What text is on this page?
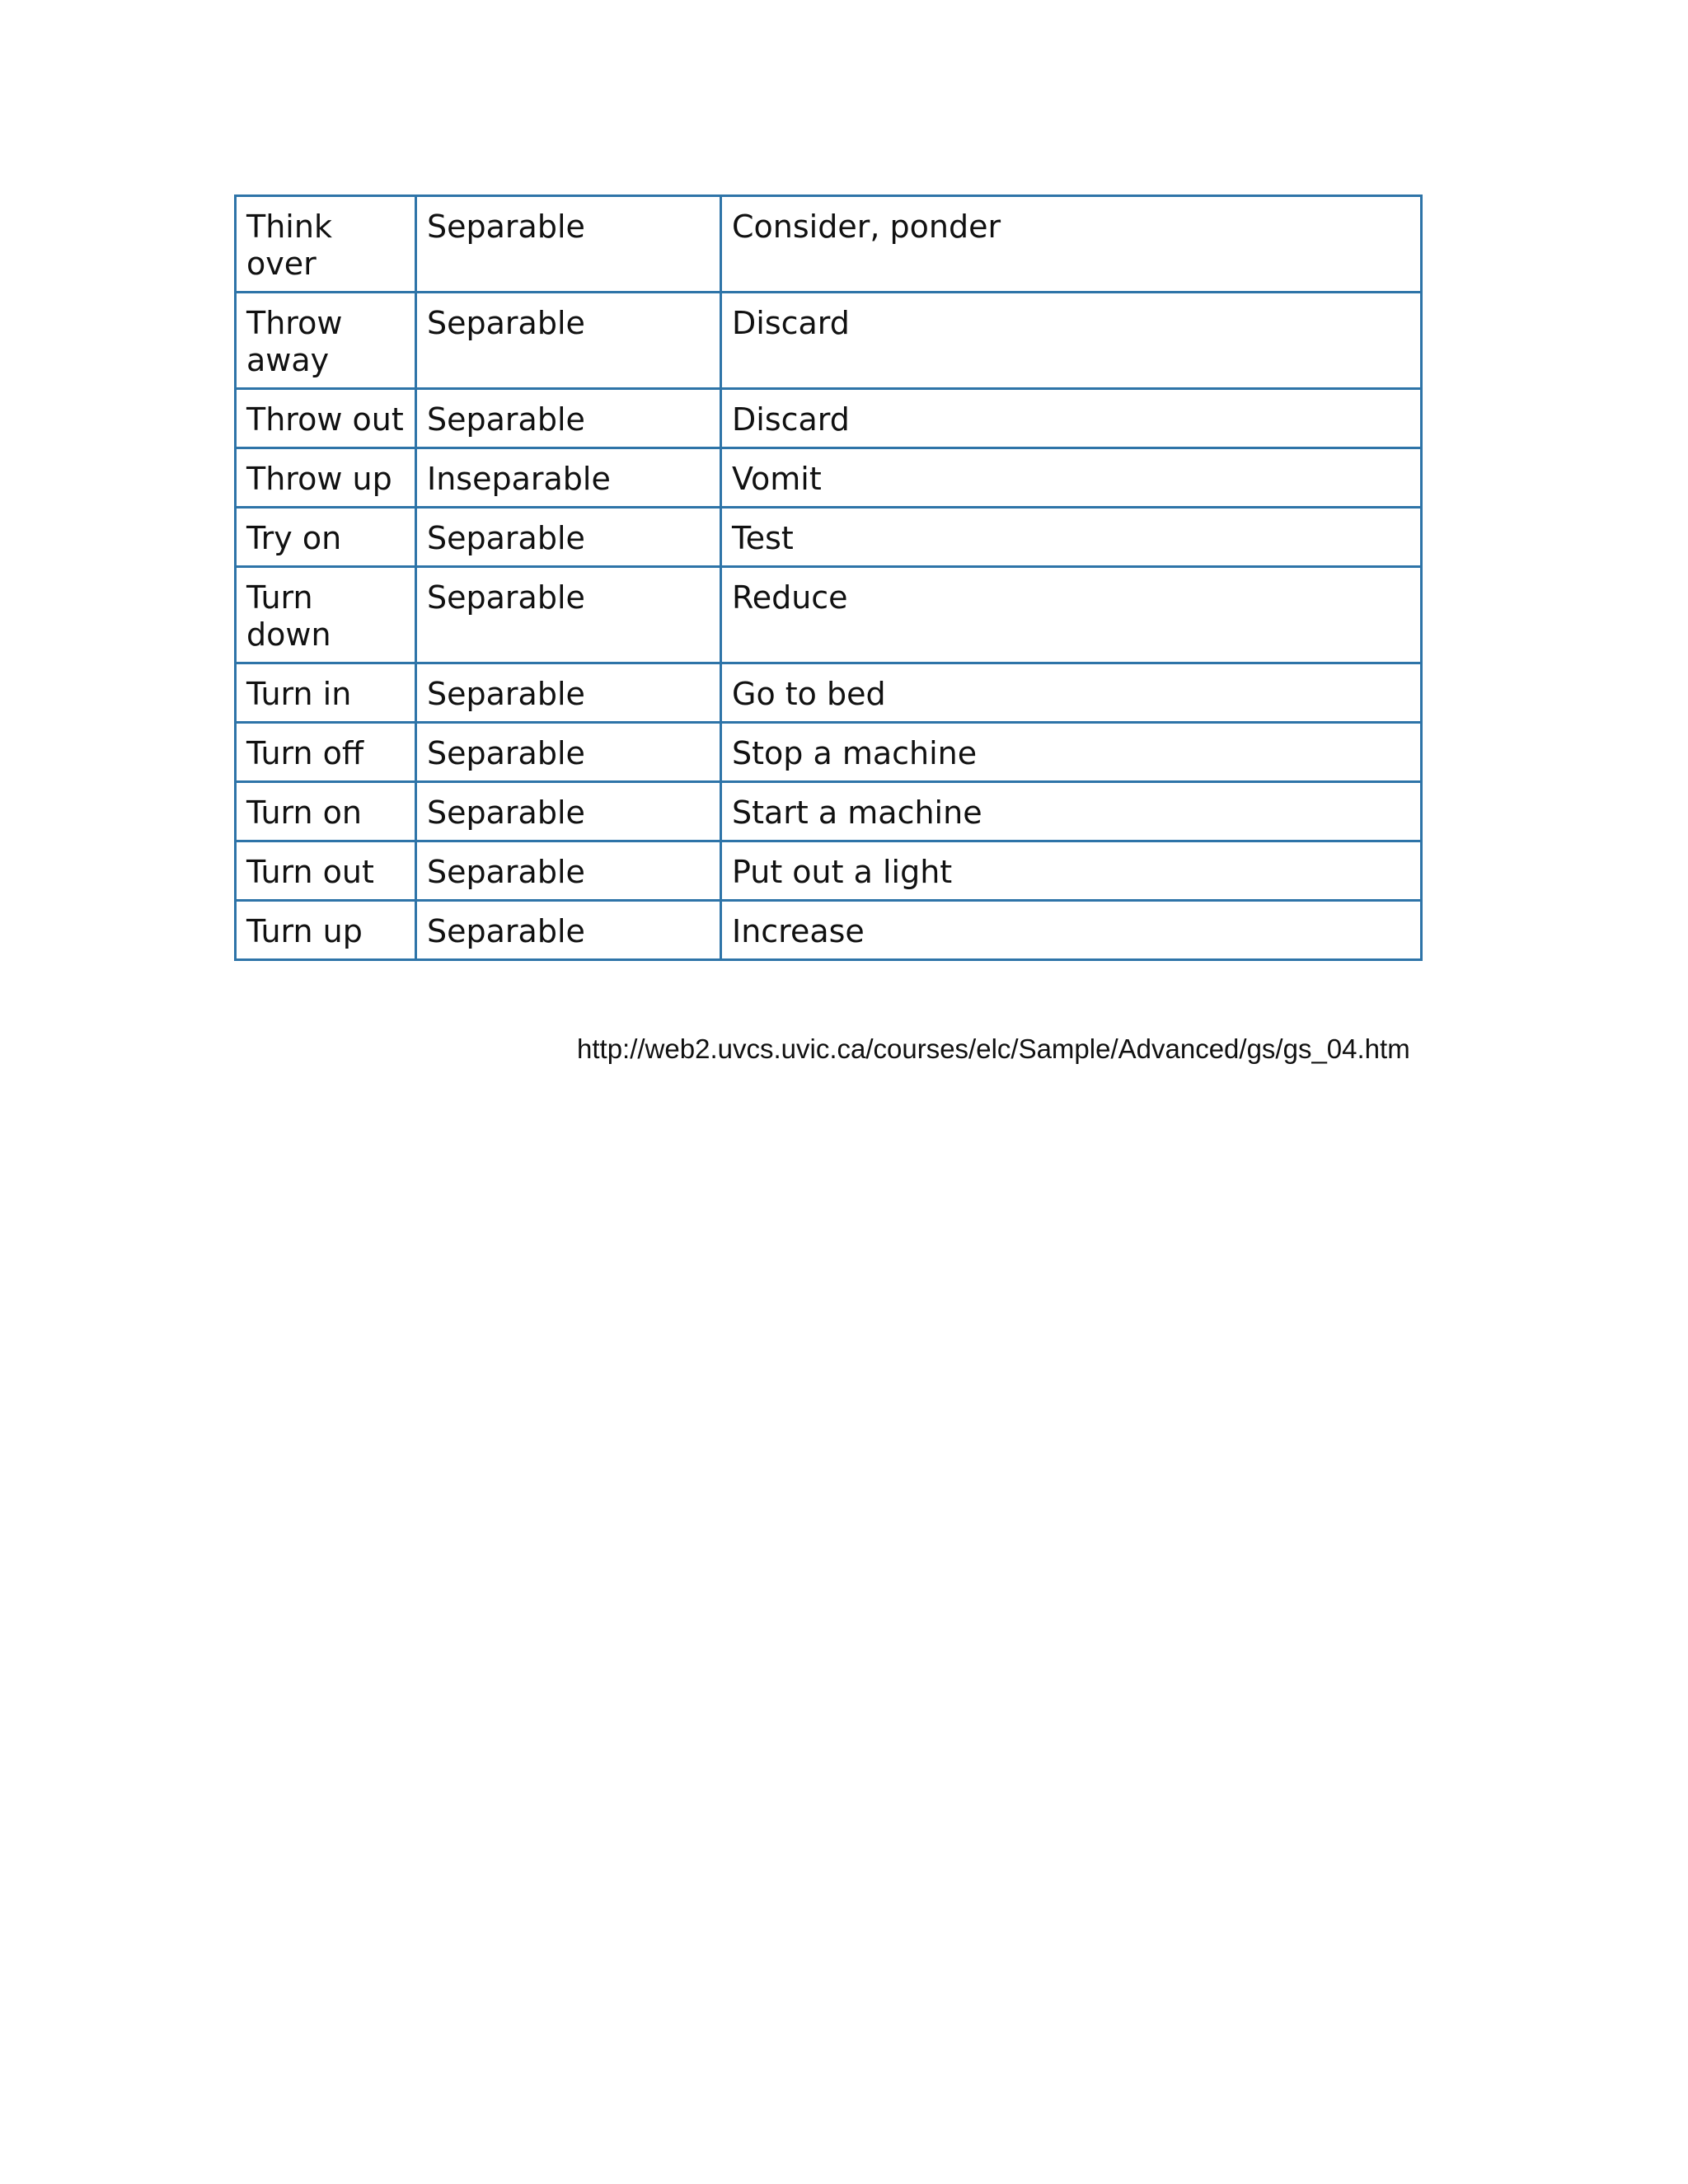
Think over	Separable	Consider, ponder
Throw away	Separable	Discard
Throw out	Separable	Discard
Throw up	Inseparable	Vomit
Try on	Separable	Test
Turn down	Separable	Reduce
Turn in	Separable	Go to bed
Turn off	Separable	Stop a machine
Turn on	Separable	Start a machine
Turn out	Separable	Put out a light
Turn up	Separable	Increase
http://web2.uvcs.uvic.ca/courses/elc/Sample/Advanced/gs/gs_04.htm
